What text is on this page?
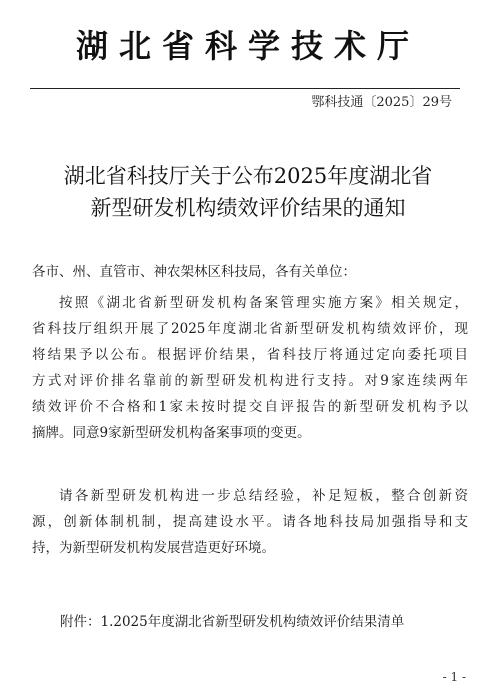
湖北省科学技术厅
鄂科技通〔2025〕29号
湖北省科技厅关于公布2025年度湖北省
新型研发机构绩效评价结果的通知
各市、州、直管市、神农架林区科技局，各有关单位：
按照《湖北省新型研发机构备案管理实施方案》相关规定，
省科技厅组织开展了2025年度湖北省新型研发机构绩效评价，现
将结果予以公布。根据评价结果，省科技厅将通过定向委托项目
方式对评价排名靠前的新型研发机构进行支持。对9家连续两年
绩效评价不合格和1家未按时提交自评报告的新型研发机构予以
摘牌。同意9家新型研发机构备案事项的变更。
请各新型研发机构进一步总结经验，补足短板，整合创新资
源，创新体制机制，提高建设水平。请各地科技局加强指导和支
持，为新型研发机构发展营造更好环境。
附件：1.2025年度湖北省新型研发机构绩效评价结果清单
- 1 -
